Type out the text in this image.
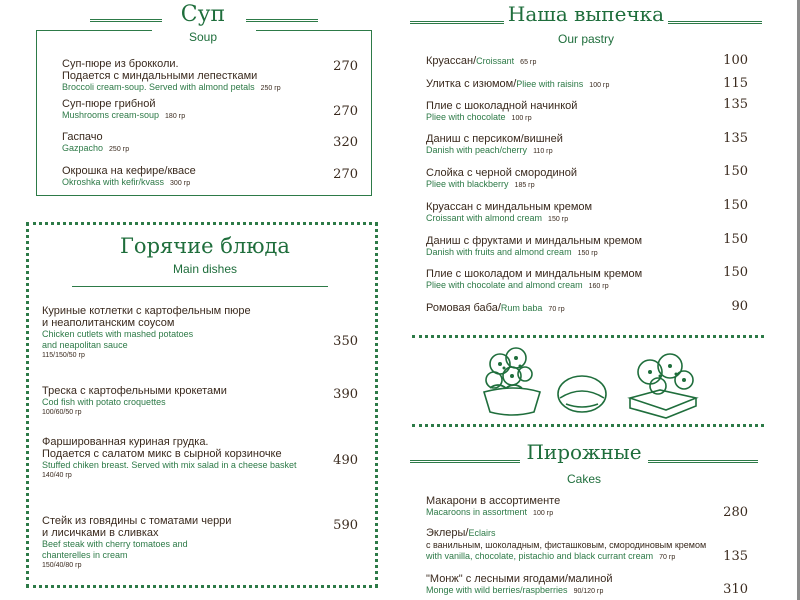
Суп
Soup
Суп-пюре из брокколи.
Подается с миндальными лепестками
Broccoli cream-soup. Served with almond petals 250 гр
270
Суп-пюре грибной
Mushrooms cream-soup 180 гр	270
Гаспачо
Gazpacho 250 гр	320
Окрошка на кефире/квасе
Okroshka with kefir/kvass 300 гр
270
Горячие блюда
Main dishes
Куриные котлетки с картофельным пюре
и неаполитанским соусом
Chicken cutlets with mashed potatoes
and neapolitan sauce
115/150/50 гр
350
Треска с картофельными крокетами
Cod fish with potato croquettes
100/60/50 гр
390
Фаршированная куриная грудка.
Подается с салатом микс в сырной корзиночке
Stuffed chiken breast. Served with mix salad in a cheese basket
140/40 гр
490
Стейк из говядины с томатами черри
и лисичками в сливках
Beef steak with cherry tomatoes and
chanterelles in cream
150/40/80 гр
590
Наша выпечка
Our pastry
Круассан/Croissant 65 гр	100
Улитка с изюмом/Pliee with raisins 100 гр	115
Плие с шоколадной начинкой
Pliee with chocolate 100 гр
135
Даниш с персиком/вишней
Danish with peach/cherry 110 гр
135
Слойка с черной смородиной
Pliee with blackberry 185 гр
150
Круассан с миндальным кремом
Croissant with almond cream 150 гр
150
Даниш с фруктами и миндальным кремом
Danish with fruits and almond cream 150 гр
150
Плие с шоколадом и миндальным кремом
Pliee with chocolate and almond cream 160 гр
150
Ромовая баба/Rum baba 70 гр	90
Пирожные
Cakes
Макарони в ассортименте
Macaroons in assortment 100 гр	280
Эклеры/Eclairs
с ванильным, шоколадным, фисташковым, смородиновым кремом
with vanilla, chocolate, pistachio and black currant cream 70 гр	135
"Монж" с лесными ягодами/малиной
Monge with wild berries/raspberries 90/120 гр	310
